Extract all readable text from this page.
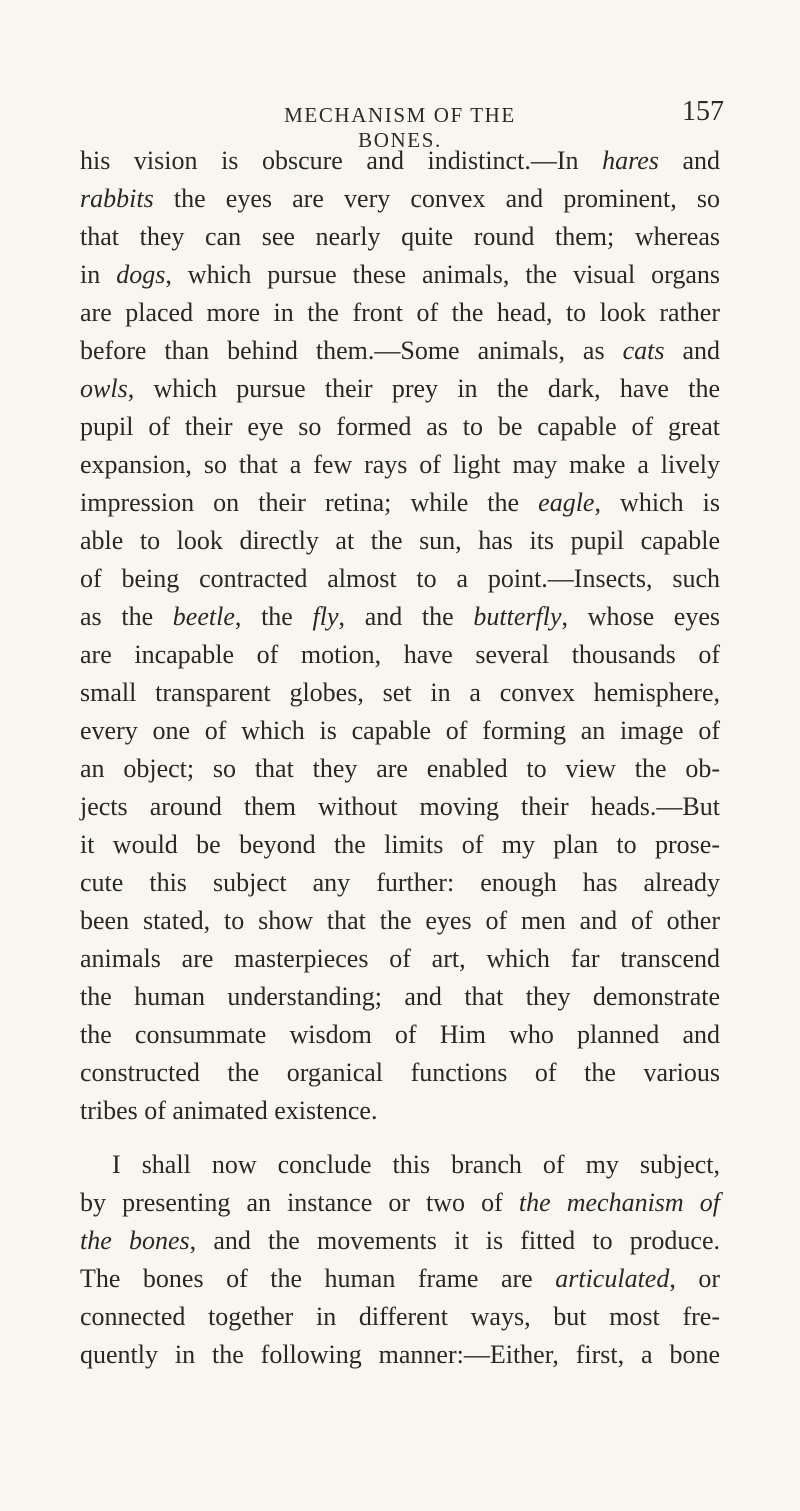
MECHANISM OF THE BONES.
157
his vision is obscure and indistinct.—In hares and
rabbits the eyes are very convex and prominent, so
that they can see nearly quite round them; whereas
in dogs, which pursue these animals, the visual organs
are placed more in the front of the head, to look rather
before than behind them.—Some animals, as cats and
owls, which pursue their prey in the dark, have the
pupil of their eye so formed as to be capable of great
expansion, so that a few rays of light may make a lively
impression on their retina; while the eagle, which is
able to look directly at the sun, has its pupil capable
of being contracted almost to a point.—Insects, such
as the beetle, the fly, and the butterfly, whose eyes
are incapable of motion, have several thousands of
small transparent globes, set in a convex hemisphere,
every one of which is capable of forming an image of
an object; so that they are enabled to view the ob-
jects around them without moving their heads.—But
it would be beyond the limits of my plan to prose-
cute this subject any further: enough has already
been stated, to show that the eyes of men and of other
animals are masterpieces of art, which far transcend
the human understanding; and that they demonstrate
the consummate wisdom of Him who planned and
constructed the organical functions of the various
tribes of animated existence.
I shall now conclude this branch of my subject,
by presenting an instance or two of the mechanism of
the bones, and the movements it is fitted to produce.
The bones of the human frame are articulated, or
connected together in different ways, but most fre-
quently in the following manner:—Either, first, a bone
